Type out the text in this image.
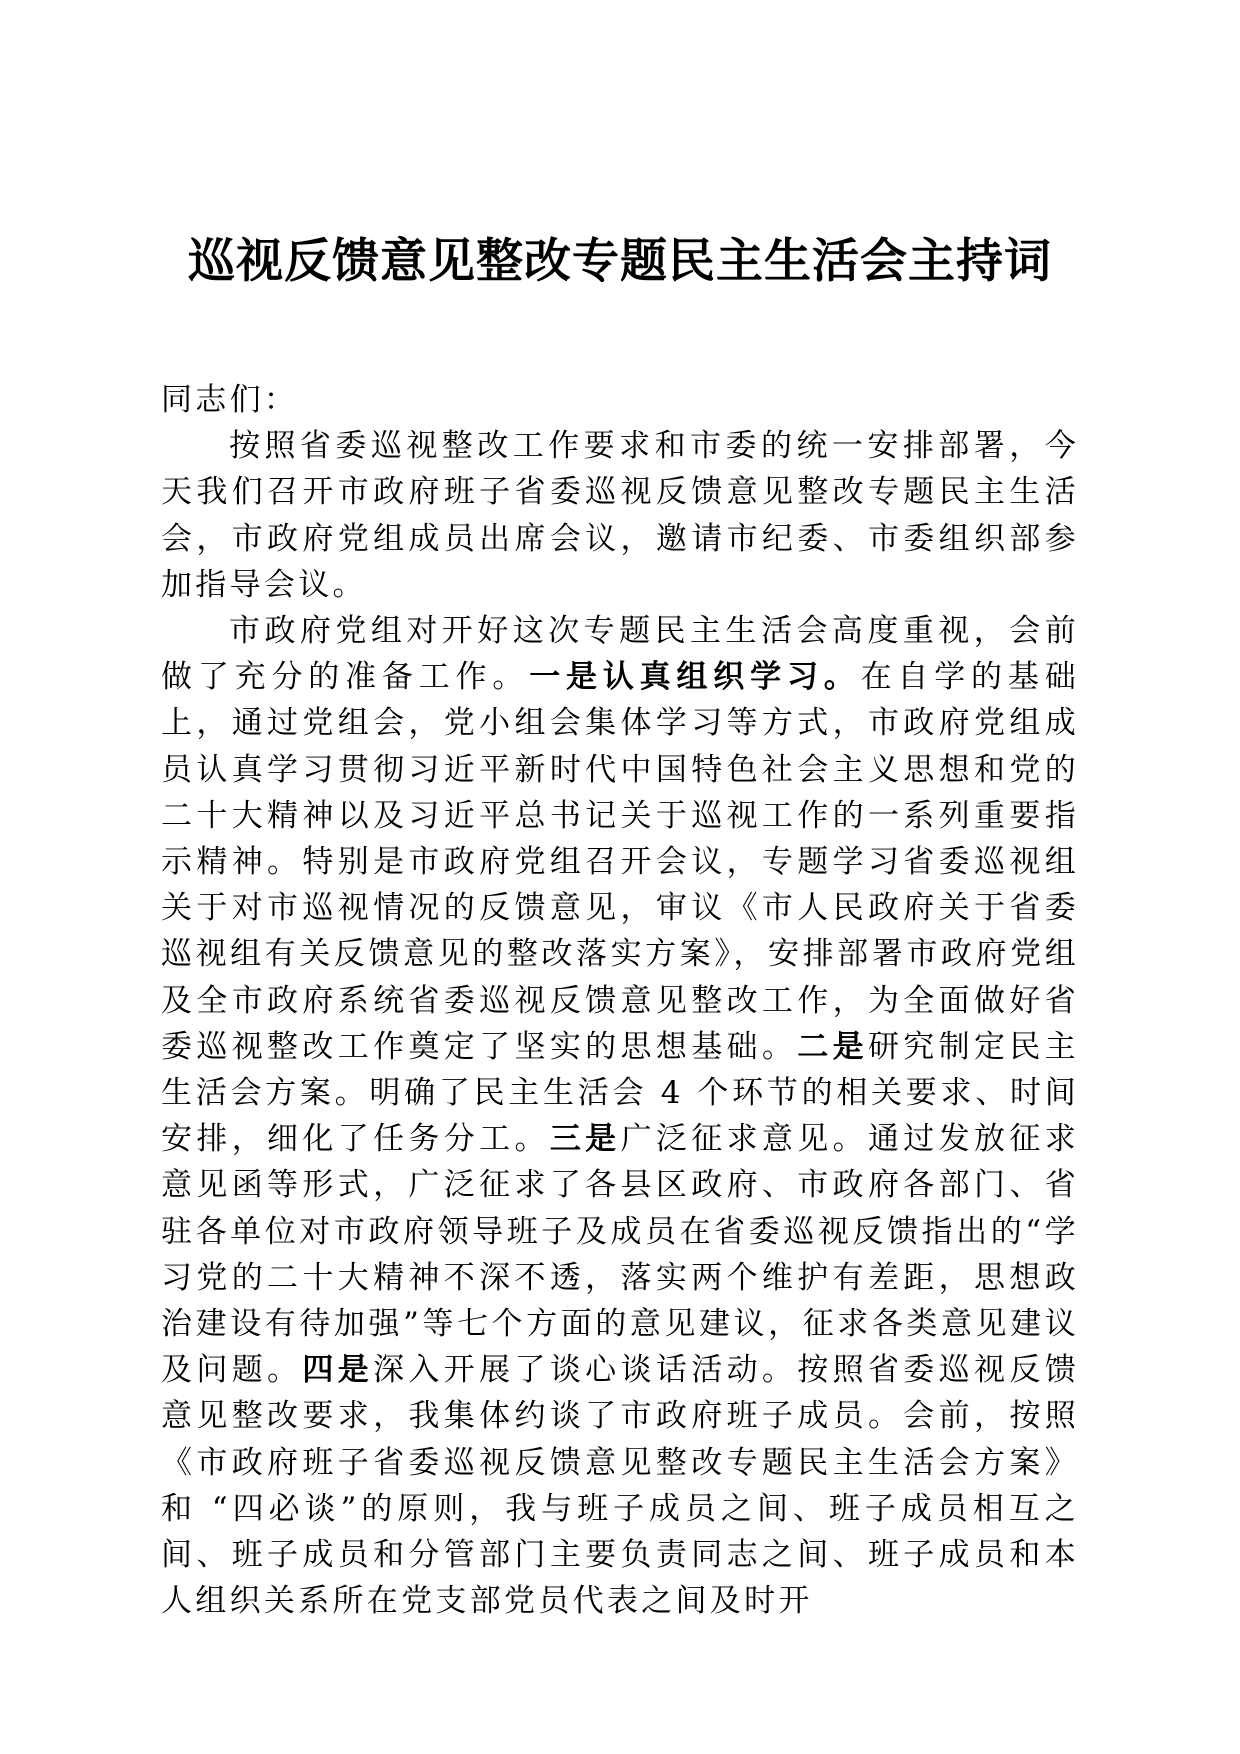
巡视反馈意见整改专题民主生活会主持词

同志们：

按照省委巡视整改工作要求和市委的统一安排部署，今天我们召开市政府班子省委巡视反馈意见整改专题民主生活会，市政府党组成员出席会议，邀请市纪委、市委组织部参加指导会议。

市政府党组对开好这次专题民主生活会高度重视，会前做了充分的准备工作。一是认真组织学习。在自学的基础上，通过党组会，党小组会集体学习等方式，市政府党组成员认真学习贯彻习近平新时代中国特色社会主义思想和党的二十大精神以及习近平总书记关于巡视工作的一系列重要指示精神。特别是市政府党组召开会议，专题学习省委巡视组关于对市巡视情况的反馈意见，审议《市人民政府关于省委巡视组有关反馈意见的整改落实方案》，安排部署市政府党组及全市政府系统省委巡视反馈意见整改工作，为全面做好省委巡视整改工作奠定了坚实的思想基础。二是研究制定民主生活会方案。明确了民主生活会 4 个环节的相关要求、时间安排，细化了任务分工。三是广泛征求意见。通过发放征求意见函等形式，广泛征求了各县区政府、市政府各部门、省驻各单位对市政府领导班子及成员在省委巡视反馈指出的“学习党的二十大精神不深不透，落实两个维护有差距，思想政治建设有待加强”等七个方面的意见建议，征求各类意见建议及问题。四是深入开展了谈心谈话活动。按照省委巡视反馈意见整改要求，我集体约谈了市政府班子成员。会前，按照《市政府班子省委巡视反馈意见整改专题民主生活会方案》和 “四必谈”的原则，我与班子成员之间、班子成员相互之间、班子成员和分管部门主要负责同志之间、班子成员和本人组织关系所在党支部党员代表之间及时开
